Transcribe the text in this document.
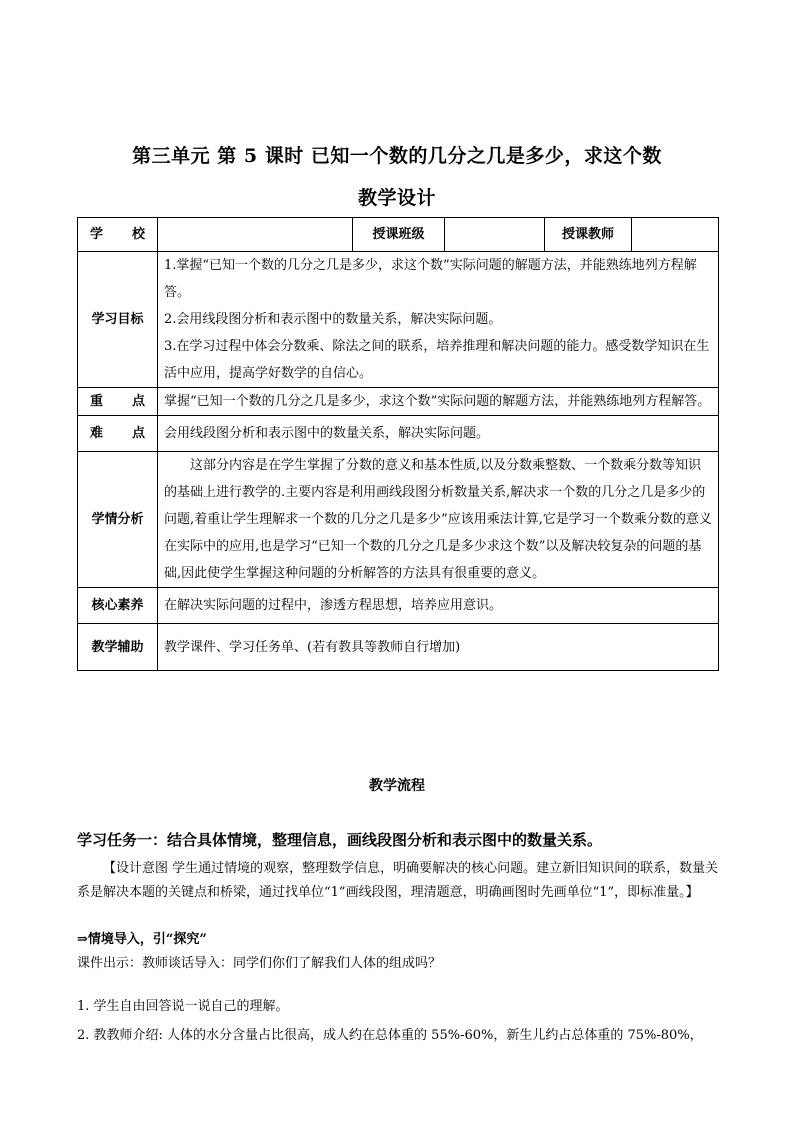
第三单元 第 5 课时 已知一个数的几分之几是多少，求这个数
教学设计
学 校		授课班级		授课教师	
学习目标	1.掌握“已知一个数的几分之几是多少，求这个数”实际问题的解题方法，并能熟练地列方程解答。

2.会用线段图分析和表示图中的数量关系，解决实际问题。

3.在学习过程中体会分数乘、除法之间的联系，培养推理和解决问题的能力。感受数学知识在生活中应用，提高学好数学的自信心。				

重 点	掌握“已知一个数的几分之几是多少，求这个数”实际问题的解题方法，并能熟练地列方程解答。				
难 点	会用线段图分析和表示图中的数量关系，解决实际问题。				
学情分析	这部分内容是在学生掌握了分数的意义和基本性质,以及分数乘整数、一个数乘分数等知识的基础上进行教学的.主要内容是利用画线段图分析数量关系,解决求一个数的几分之几是多少的问题,着重让学生理解求一个数的几分之几是多少”应该用乘法计算,它是学习一个数乘分数的意义在实际中的应用,也是学习“已知一个数的几分之几是多少求这个数”以及解决较复杂的问题的基础,因此使学生掌握这种问题的分析解答的方法具有很重要的意义。				
核心素养	在解决实际问题的过程中，渗透方程思想，培养应用意识。				
教学辅助	教学课件、学习任务单、(若有教具等教师自行增加)				
教学流程
学习任务一：结合具体情境，整理信息，画线段图分析和表示图中的数量关系。

【设计意图 学生通过情境的观察，整理数学信息，明确要解决的核心问题。建立新旧知识间的联系，数量关系是解决本题的关键点和桥梁，通过找单位“1”画线段图，理清题意，明确画图时先画单位“1”，即标准量。】

⇒情境导入，引“探究”
课件出示：教师谈话导入：同学们你们了解我们人体的组成吗？
1. 学生自由回答说一说自己的理解。
2. 教教师介绍: 人体的水分含量占比很高，成人约在总体重的 55%-60%，新生儿约占总体重的 75%-80%，
